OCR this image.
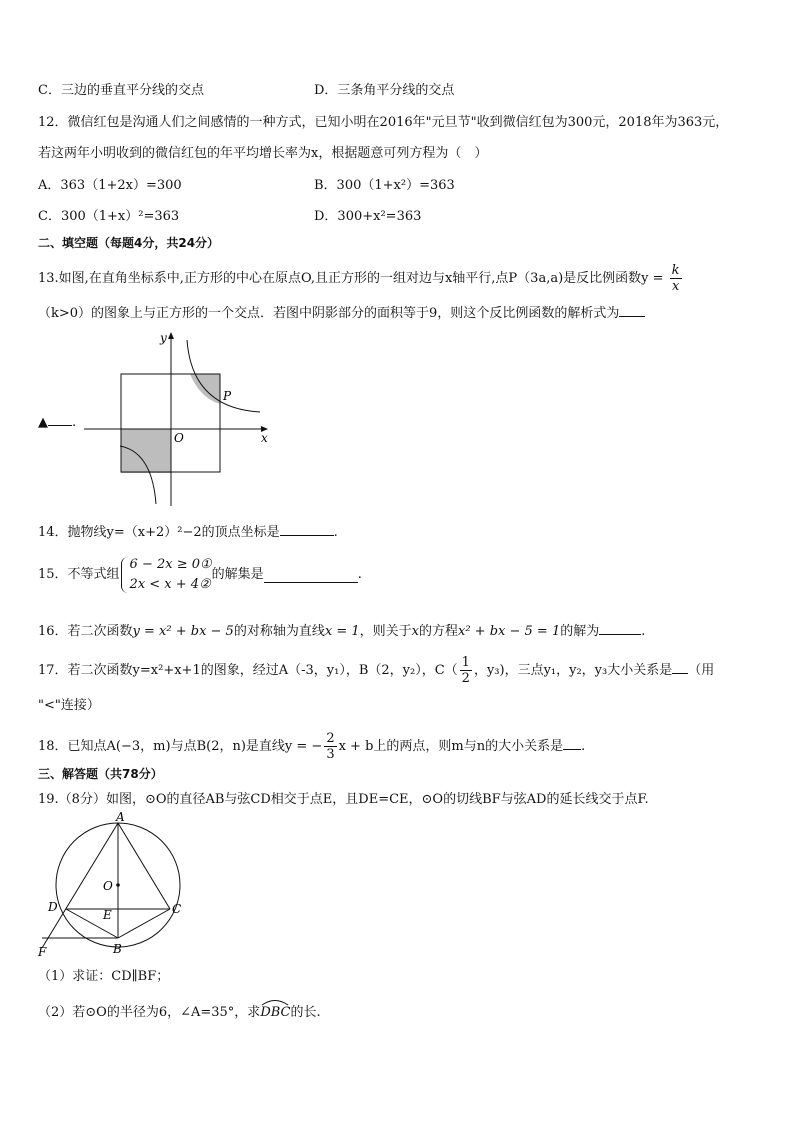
C．三边的垂直平分线的交点	D．三条角平分线的交点
12．微信红包是沟通人们之间感情的一种方式，已知小明在2016年"元旦节"收到微信红包为300元，2018年为363元，
若这两年小明收到的微信红包的年平均增长率为x，根据题意可列方程为（　）
A．363（1+2x）=300	B．300（1+x²）=363
C．300（1+x）²=363	D．300+x²=363
二、填空题（每题4分，共24分）
13.如图,在直角坐标系中,正方形的中心在原点O,且正方形的一组对边与x轴平行,点P（3a,a)是反比例函数$y = \frac{k}{x}$
（k>0）的图象上与正方形的一个交点．若图中阴影部分的面积等于9，则这个反比例函数的解析式为
▲ .
y
x
O
P
14．抛物线y=（x+2）²−2的顶点坐标是	.
15．不等式组
6 − 2x ≥ 0①
2x < x + 4②
的解集是	.
16．若二次函数y = x² + bx − 5的对称轴为直线x = 1，则关于x的方程x² + bx − 5 = 1的解为	.
17．若二次函数y=x²+x+1的图象，经过A（-3，y₁），B（2，y₂），$C( \frac{1}{2}$ ，y₃)，三点y₁，y₂，y₃大小关系是 （用
"<"连接）
18．已知点A(−3，m)与点B(2，n)是直线y = − $\frac{2}{3}$ x + b上的两点，则m与n的大小关系是 .
三、解答题（共78分）
19.（8分）如图，⊙O的直径AB与弦CD相交于点E，且DE=CE，⊙O的切线BF与弦AD的延长线交于点F.
A
O
D
E	C
F	B
（1）求证：CD∥BF；
（2）若⊙O的半径为6，∠A=35°，求
DBC的长.
